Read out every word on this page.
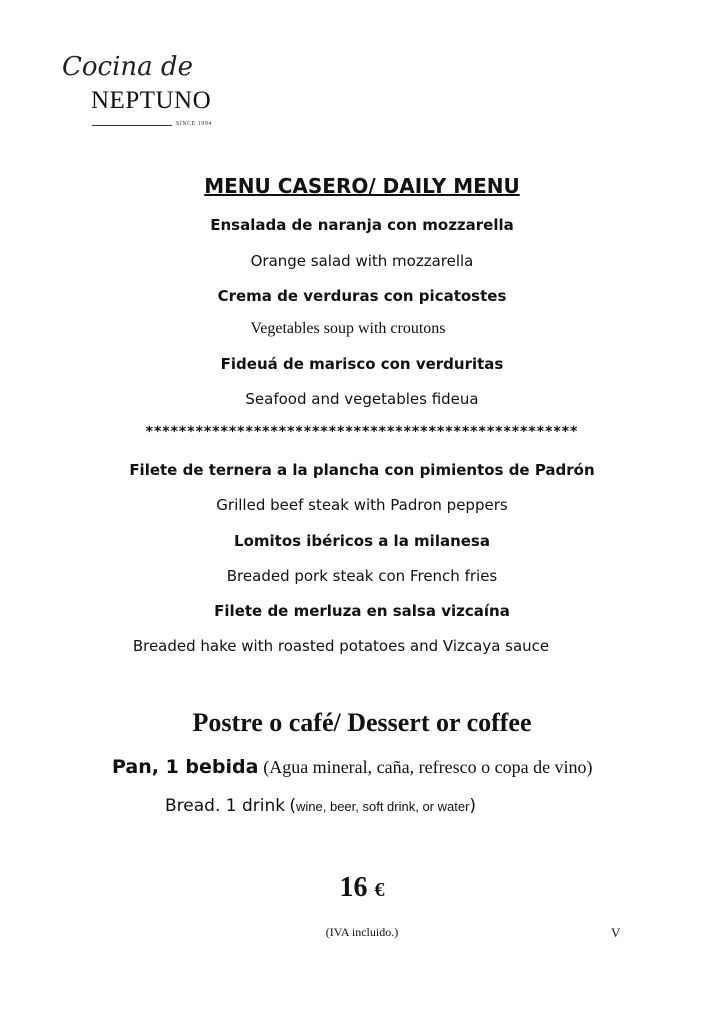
Cocina de
NEPTUNO
SINCE 1994
MENU CASERO/ DAILY MENU
Ensalada de naranja con mozzarella
Orange salad with mozzarella
Crema de verduras con picatostes
Vegetables soup with croutons
Fideuá de marisco con verduritas
Seafood and vegetables fideua
****************************************************
Filete de ternera a la plancha con pimientos de Padrón
Grilled beef steak with Padron peppers
Lomitos ibéricos a la milanesa
Breaded pork steak con French fries
Filete de merluza en salsa vizcaína
Breaded hake with roasted potatoes and Vizcaya sauce
Postre o café/ Dessert or coffee
Pan, 1 bebida (Agua mineral, caña, refresco o copa de vino)
Bread. 1 drink (wine, beer, soft drink, or water)
16 €
(IVA incluido.)	V
